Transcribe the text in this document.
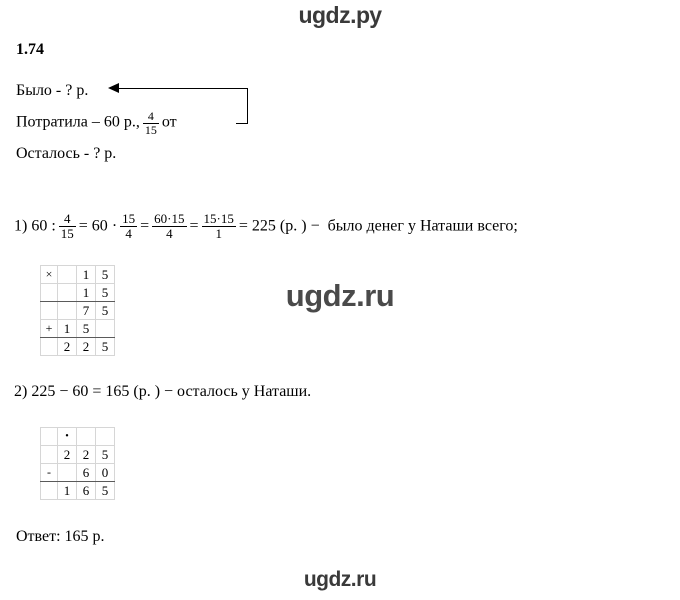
ugdz.ру
ugdz.ru
ugdz.ru
1.74
Было - ? р.
Потратила – 60 р., $\frac{4}{15}$ от
Осталось - ? р.
1) 60 : $\frac{4}{15} = 60 \cdot \frac{15}{4} = \frac{60\cdot 15}{4} = \frac{15\cdot 15}{1} = 225$ (р. ) − было денег у Наташи всего;
×		1	5
		1	5
		7	5
+	1	5	
	2	2	5
2) 225 − 60 = 165 (р. ) − осталось у Наташи.
	•		
	2	2	5
-		6	0
	1	6	5
Ответ: 165 р.
